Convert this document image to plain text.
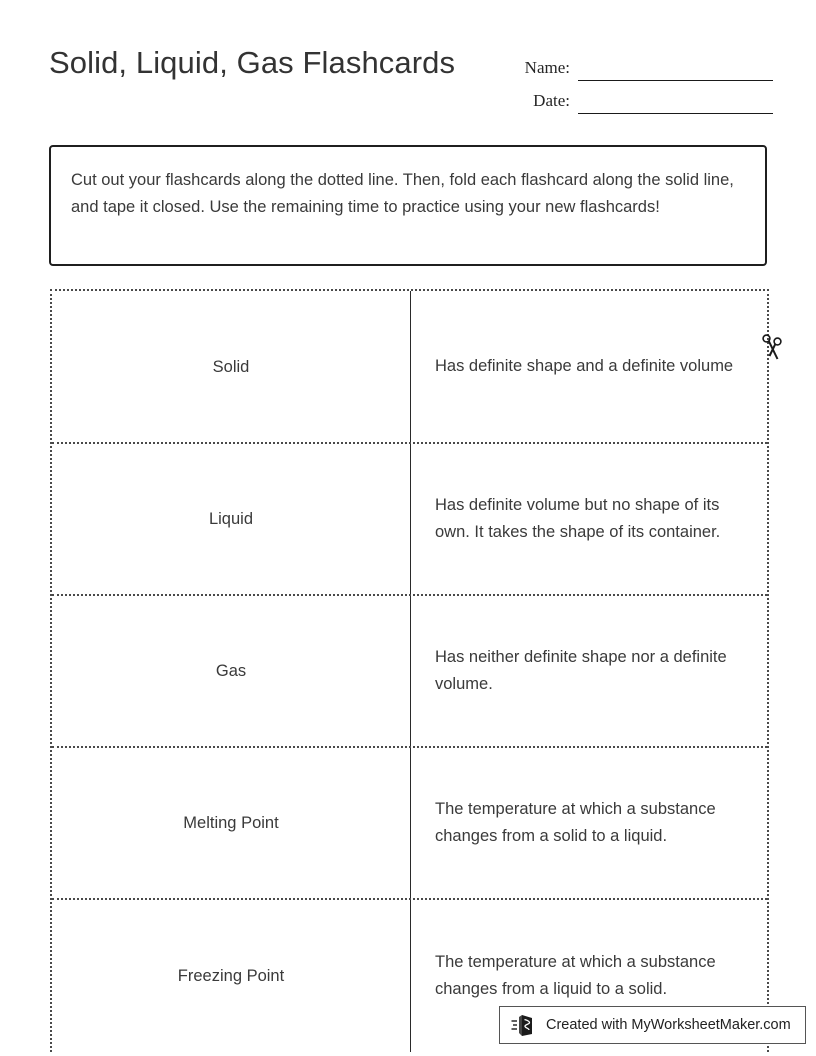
Solid, Liquid, Gas Flashcards	Name:
Date:
Cut out your flashcards along the dotted line. Then, fold each flashcard along the solid line, and tape it closed. Use the remaining time to practice using your new flashcards!
Solid	Has definite shape and a definite volume
Liquid
Has definite volume but no shape of its own. It takes the shape of its container.
Gas
Has neither definite shape nor a definite volume.
Melting Point
The temperature at which a substance changes from a solid to a liquid.
Freezing Point
The temperature at which a substance changes from a liquid to a solid.
Created with MyWorksheetMaker.com
